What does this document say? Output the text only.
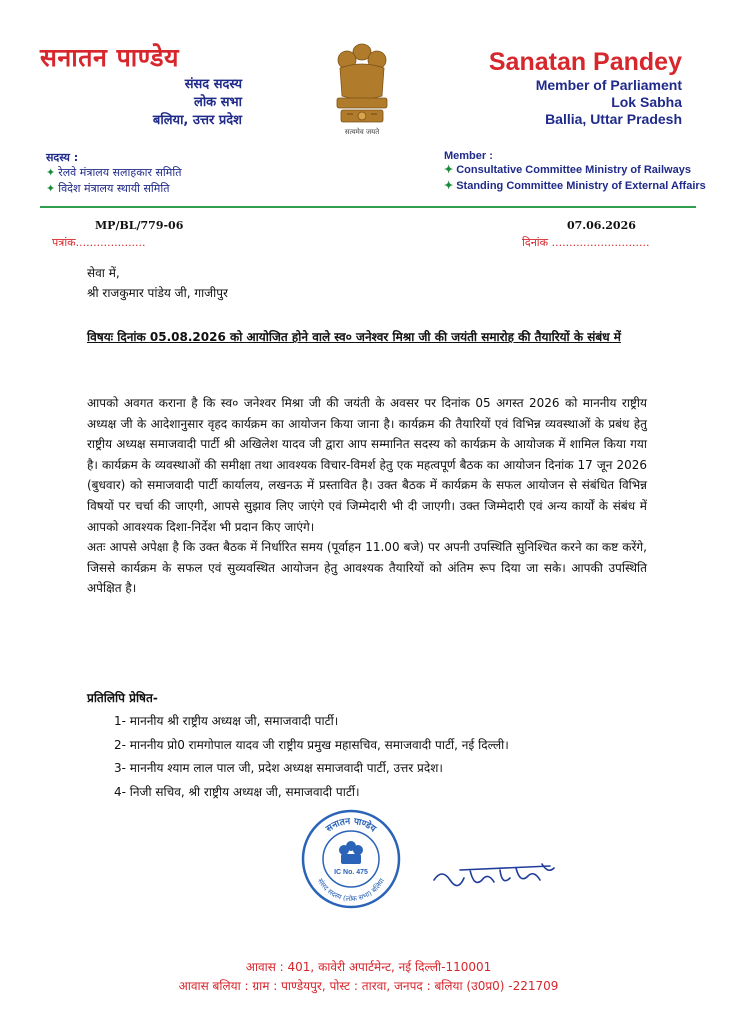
सनातन पाण्डेय
संसद सदस्य
लोक सभा
बलिया, उत्तर प्रदेश
सत्यमेव जयते
Sanatan Pandey
Member of Parliament
Lok Sabha
Ballia, Uttar Pradesh
सदस्य :
✦ रेलवे मंत्रालय सलाहकार समिति
✦ विदेश मंत्रालय स्थायी समिति
Member :
✦ Consultative Committee Ministry of Railways
✦ Standing Committee Ministry of External Affairs
MP/BL/779-06
पत्रांक....................
07.06.2026
दिनांक ............................
सेवा में,
श्री राजकुमार पांडेय जी, गाजीपुर
विषयः दिनांक 05.08.2026 को आयोजित होने वाले स्व० जनेश्वर मिश्रा जी की जयंती समारोह की तैयारियों के संबंध में
आपको अवगत कराना है कि स्व० जनेश्वर मिश्रा जी की जयंती के अवसर पर दिनांक 05 अगस्त 2026 को माननीय राष्ट्रीय अध्यक्ष जी के आदेशानुसार वृहद कार्यक्रम का आयोजन किया जाना है। कार्यक्रम की तैयारियों एवं विभिन्न व्यवस्थाओं के प्रबंध हेतु राष्ट्रीय अध्यक्ष समाजवादी पार्टी श्री अखिलेश यादव जी द्वारा आप सम्मानित सदस्य को कार्यक्रम के आयोजक में शामिल किया गया है। कार्यक्रम के व्यवस्थाओं की समीक्षा तथा आवश्यक विचार-विमर्श हेतु एक महत्वपूर्ण बैठक का आयोजन दिनांक 17 जून 2026 (बुधवार) को समाजवादी पार्टी कार्यालय, लखनऊ में प्रस्तावित है। उक्त बैठक में कार्यक्रम के सफल आयोजन से संबंधित विभिन्न विषयों पर चर्चा की जाएगी, आपसे सुझाव लिए जाएंगे एवं जिम्मेदारी भी दी जाएगी। उक्त जिम्मेदारी एवं अन्य कार्यों के संबंध में आपको आवश्यक दिशा-निर्देश भी प्रदान किए जाएंगे।
अतः आपसे अपेक्षा है कि उक्त बैठक में निर्धारित समय (पूर्वाहन 11.00 बजे) पर अपनी उपस्थिति सुनिश्चित करने का कष्ट करेंगे, जिससे कार्यक्रम के सफल एवं सुव्यवस्थित आयोजन हेतु आवश्यक तैयारियों को अंतिम रूप दिया जा सके। आपकी उपस्थिति अपेक्षित है।
प्रतिलिपि प्रेषित-
1- माननीय श्री राष्ट्रीय अध्यक्ष जी, समाजवादी पार्टी।
2- माननीय प्रो0 रामगोपाल यादव जी राष्ट्रीय प्रमुख महासचिव, समाजवादी पार्टी, नई दिल्ली।
3- माननीय श्याम लाल पाल जी, प्रदेश अध्यक्ष समाजवादी पार्टी, उत्तर प्रदेश।
4- निजी सचिव, श्री राष्ट्रीय अध्यक्ष जी, समाजवादी पार्टी।
सनातन पाण्डेय
संसद सदस्य (लोक सभा) बलिया
IC No. 475
आवास : 401, कावेरी अपार्टमेन्ट, नई दिल्ली-110001
आवास बलिया : ग्राम : पाण्डेयपुर, पोस्ट : तारवा, जनपद : बलिया (उ0प्र0) -221709
